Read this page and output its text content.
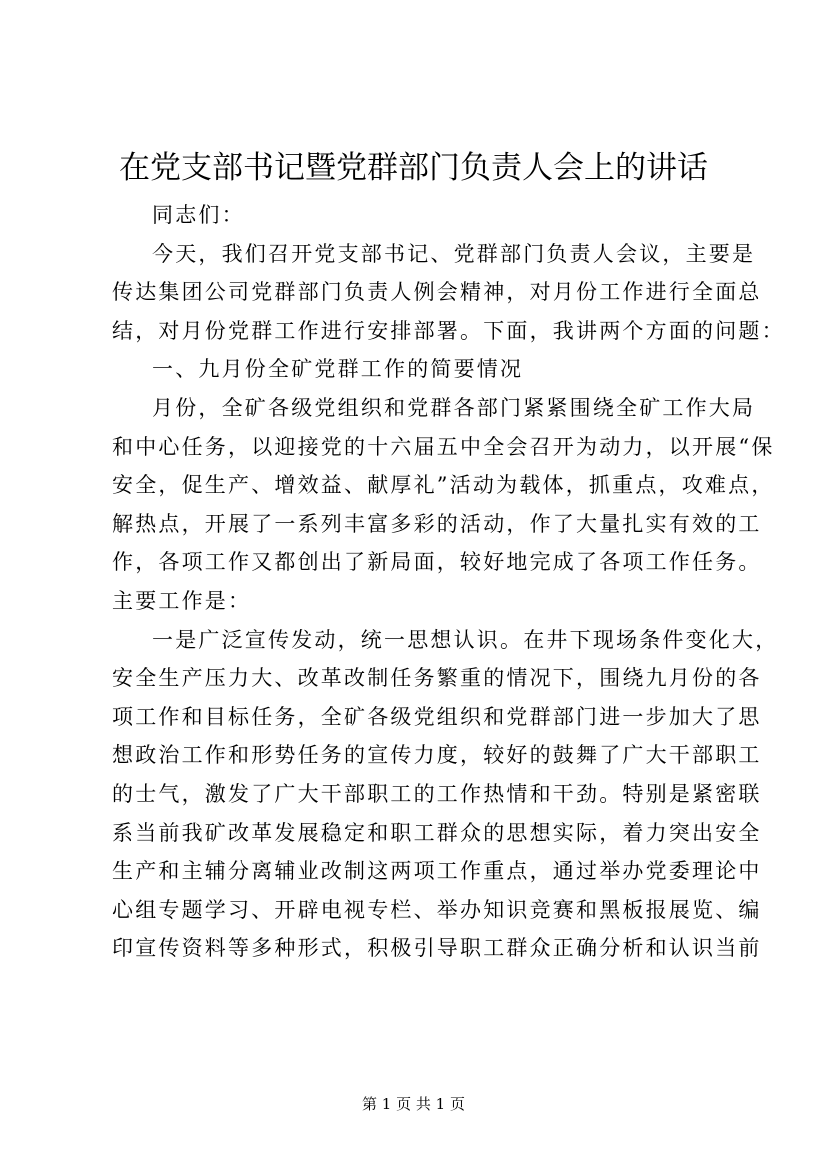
在党支部书记暨党群部门负责人会上的讲话
同志们：
今天，我们召开党支部书记、党群部门负责人会议，主要是
传达集团公司党群部门负责人例会精神，对月份工作进行全面总
结，对月份党群工作进行安排部署。下面，我讲两个方面的问题：
一、九月份全矿党群工作的简要情况
月份，全矿各级党组织和党群各部门紧紧围绕全矿工作大局
和中心任务，以迎接党的十六届五中全会召开为动力，以开展“保
安全，促生产、增效益、献厚礼”活动为载体，抓重点，攻难点，
解热点，开展了一系列丰富多彩的活动，作了大量扎实有效的工
作，各项工作又都创出了新局面，较好地完成了各项工作任务。
主要工作是：
一是广泛宣传发动，统一思想认识。在井下现场条件变化大，
安全生产压力大、改革改制任务繁重的情况下，围绕九月份的各
项工作和目标任务，全矿各级党组织和党群部门进一步加大了思
想政治工作和形势任务的宣传力度，较好的鼓舞了广大干部职工
的士气，激发了广大干部职工的工作热情和干劲。特别是紧密联
系当前我矿改革发展稳定和职工群众的思想实际，着力突出安全
生产和主辅分离辅业改制这两项工作重点，通过举办党委理论中
心组专题学习、开辟电视专栏、举办知识竞赛和黑板报展览、编
印宣传资料等多种形式，积极引导职工群众正确分析和认识当前
第 1 页 共 1 页
